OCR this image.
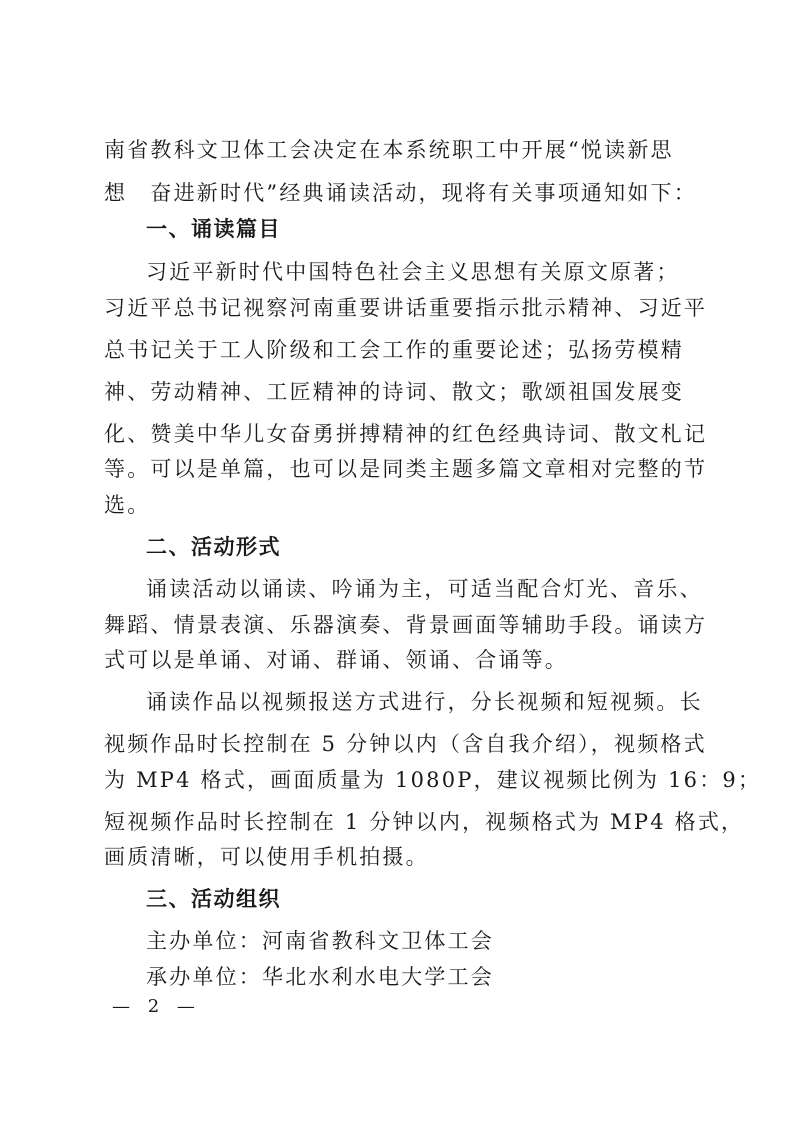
南省教科文卫体工会决定在本系统职工中开展“悦读新思
想　奋进新时代”经典诵读活动，现将有关事项通知如下：
一、诵读篇目
习近平新时代中国特色社会主义思想有关原文原著；
习近平总书记视察河南重要讲话重要指示批示精神、习近平
总书记关于工人阶级和工会工作的重要论述；弘扬劳模精
神、劳动精神、工匠精神的诗词、散文；歌颂祖国发展变
化、赞美中华儿女奋勇拼搏精神的红色经典诗词、散文札记
等。可以是单篇，也可以是同类主题多篇文章相对完整的节
选。
二、活动形式
诵读活动以诵读、吟诵为主，可适当配合灯光、音乐、
舞蹈、情景表演、乐器演奏、背景画面等辅助手段。诵读方
式可以是单诵、对诵、群诵、领诵、合诵等。
诵读作品以视频报送方式进行，分长视频和短视频。长
视频作品时长控制在 5 分钟以内（含自我介绍），视频格式
为 MP4 格式，画面质量为 1080P，建议视频比例为 16：9；
短视频作品时长控制在 1 分钟以内，视频格式为 MP4 格式，
画质清晰，可以使用手机拍摄。
三、活动组织
主办单位：河南省教科文卫体工会
承办单位：华北水利水电大学工会
— 2 —
